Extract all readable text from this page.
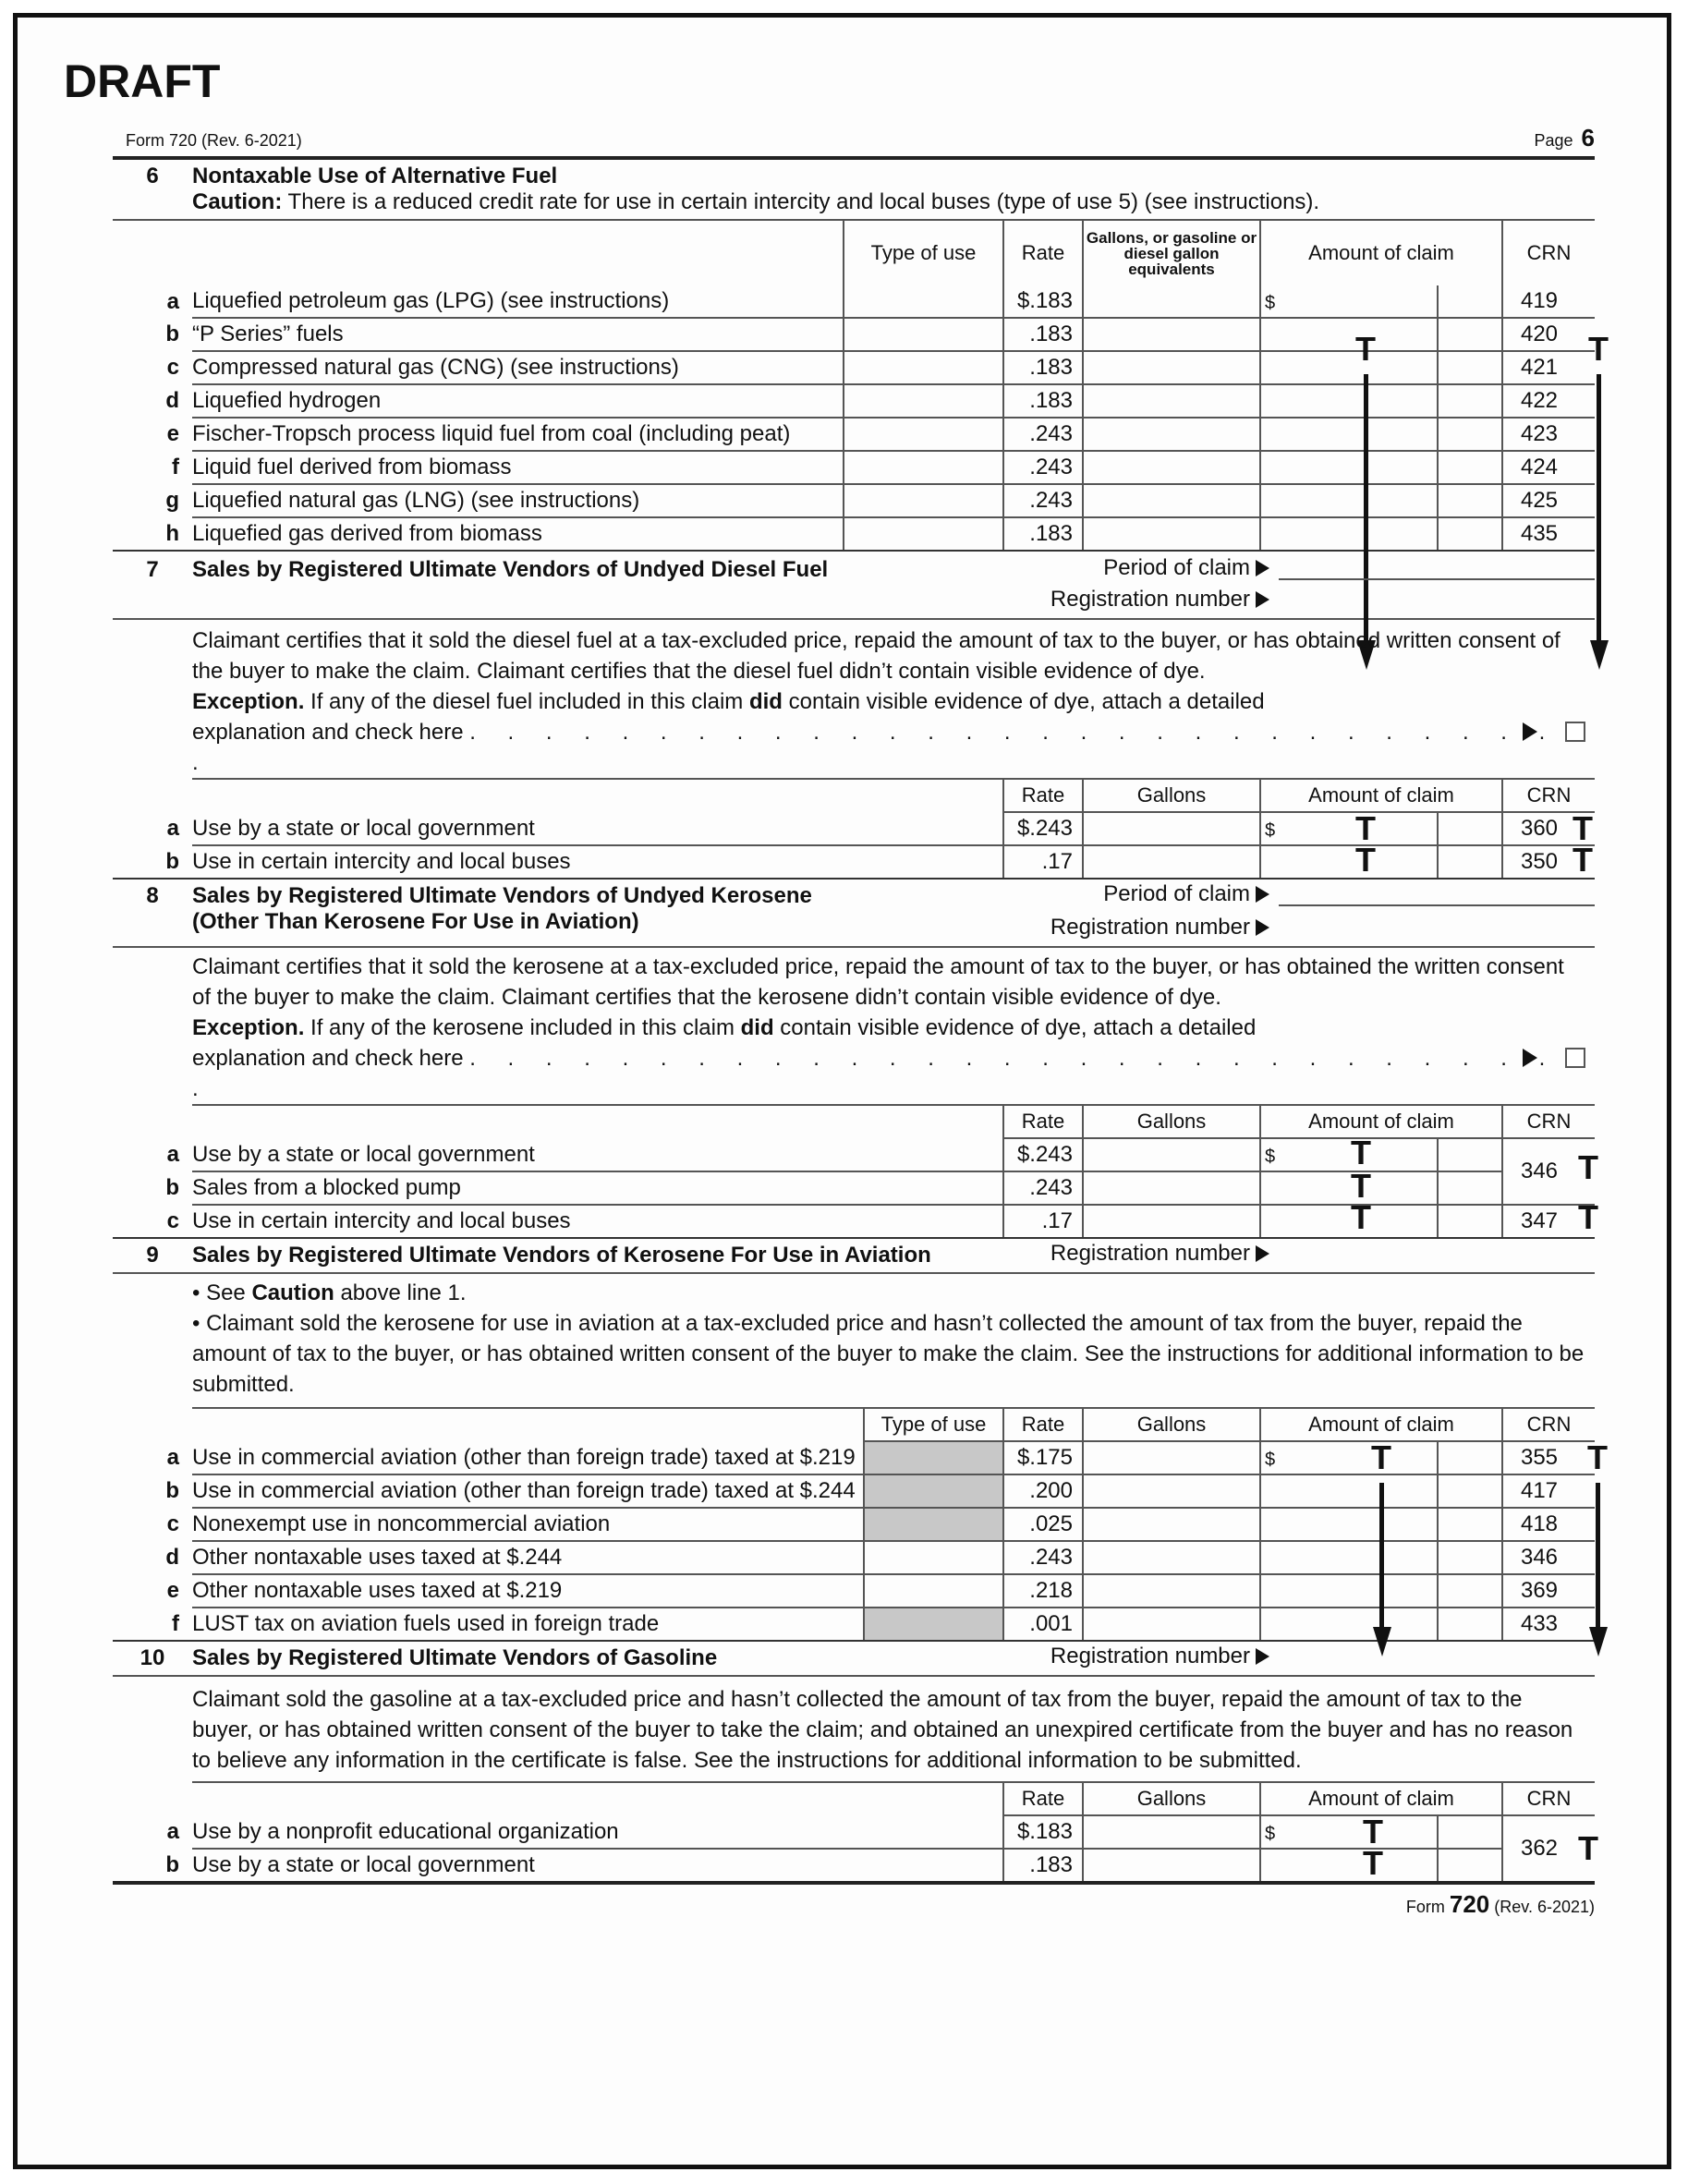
DRAFT
Form 720 (Rev. 6-2021)	Page 6
6	Nontaxable Use of Alternative Fuel
Caution: There is a reduced credit rate for use in certain intercity and local buses (type of use 5) (see instructions).
		Type of use	Rate	Gallons, or gasoline or diesel gallon equivalents	Amount of claim		CRN
a	Liquefied petroleum gas (LPG) (see instructions)		$.183		$		419
b	“P Series” fuels		.183				420
c	Compressed natural gas (CNG) (see instructions)		.183				421
d	Liquefied hydrogen		.183				422
e	Fischer-Tropsch process liquid fuel from coal (including peat)		.243				423
f	Liquid fuel derived from biomass		.243				424
g	Liquefied natural gas (LNG) (see instructions)		.243				425
h	Liquefied gas derived from biomass		.183				435
T	T
7	Sales by Registered Ultimate Vendors of Undyed Diesel Fuel	Period of claim
Registration number
Claimant certifies that it sold the diesel fuel at a tax-excluded price, repaid the amount of tax to the buyer, or has obtained written consent of the buyer to make the claim. Claimant certifies that the diesel fuel didn’t contain visible evidence of dye.
Exception. If any of the diesel fuel included in this claim did contain visible evidence of dye, attach a detailed
explanation and check here . . . . . . . . . . . . . . . . . . . . . . . . . . . . . .
		Rate	Gallons	Amount of claim		CRN
a	Use by a state or local government	$.243		$		360
b	Use in certain intercity and local buses	.17				350
T
T
T
T
8	Sales by Registered Ultimate Vendors of Undyed Kerosene
(Other Than Kerosene For Use in Aviation)
Period of claim
Registration number
Claimant certifies that it sold the kerosene at a tax-excluded price, repaid the amount of tax to the buyer, or has obtained the written consent of the buyer to make the claim. Claimant certifies that the kerosene didn’t contain visible evidence of dye.
Exception. If any of the kerosene included in this claim did contain visible evidence of dye, attach a detailed
explanation and check here . . . . . . . . . . . . . . . . . . . . . . . . . . . . . .
		Rate	Gallons	Amount of claim		CRN
a	Use by a state or local government	$.243		$		346
b	Sales from a blocked pump	.243				
c	Use in certain intercity and local buses	.17				347
T
T
T
T
T
9	Sales by Registered Ultimate Vendors of Kerosene For Use in Aviation	Registration number
• See Caution above line 1.
• Claimant sold the kerosene for use in aviation at a tax-excluded price and hasn’t collected the amount of tax from the buyer, repaid the amount of tax to the buyer, or has obtained written consent of the buyer to make the claim. See the instructions for additional information to be submitted.
		Type of use	Rate	Gallons	Amount of claim		CRN
a	Use in commercial aviation (other than foreign trade) taxed at $.219		$.175		$		355
b	Use in commercial aviation (other than foreign trade) taxed at $.244		.200				417
c	Nonexempt use in noncommercial aviation		.025				418
d	Other nontaxable uses taxed at $.244		.243				346
e	Other nontaxable uses taxed at $.219		.218				369
f	LUST tax on aviation fuels used in foreign trade		.001				433
T	T
10	Sales by Registered Ultimate Vendors of Gasoline	Registration number
Claimant sold the gasoline at a tax-excluded price and hasn’t collected the amount of tax from the buyer, repaid the amount of tax to the buyer, or has obtained written consent of the buyer to take the claim; and obtained an unexpired certificate from the buyer and has no reason to believe any information in the certificate is false. See the instructions for additional information to be submitted.
		Rate	Gallons	Amount of claim		CRN
a	Use by a nonprofit educational organization	$.183		$		362
b	Use by a state or local government	.183				
T
T	T
Form 720 (Rev. 6-2021)
